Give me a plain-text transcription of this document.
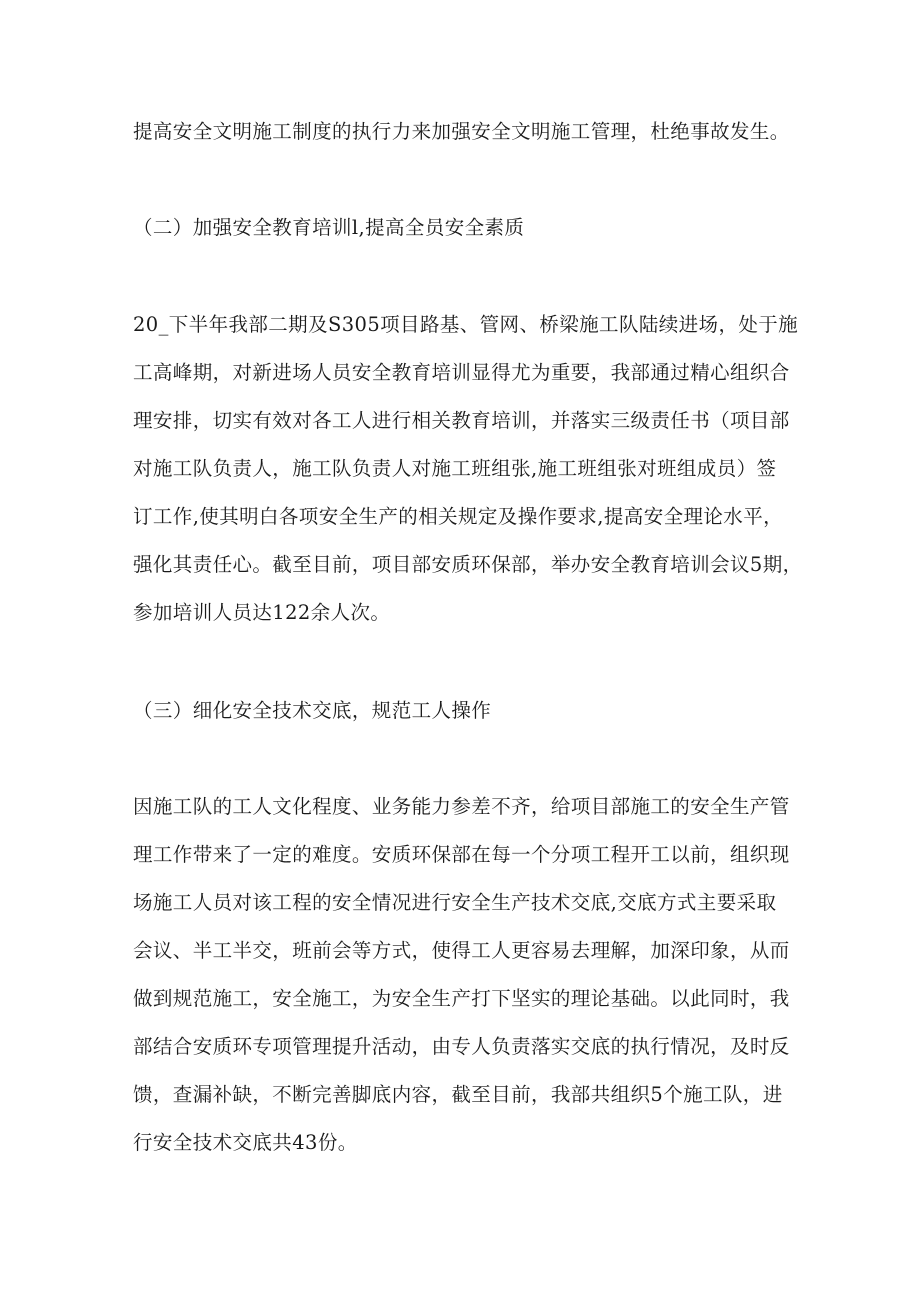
提高安全文明施工制度的执行力来加强安全文明施工管理，杜绝事故发生。
（二）加强安全教育培训l,提高全员安全素质
20_下半年我部二期及S305项目路基、管网、桥梁施工队陆续进场，处于施
工高峰期，对新进场人员安全教育培训显得尤为重要，我部通过精心组织合
理安排，切实有效对各工人进行相关教育培训，并落实三级责任书（项目部
对施工队负责人，施工队负责人对施工班组张,施工班组张对班组成员）签
订工作,使其明白各项安全生产的相关规定及操作要求,提高安全理论水平，
强化其责任心。截至目前，项目部安质环保部，举办安全教育培训会议5期，
参加培训人员达122余人次。
（三）细化安全技术交底，规范工人操作
因施工队的工人文化程度、业务能力参差不齐，给项目部施工的安全生产管
理工作带来了一定的难度。安质环保部在每一个分项工程开工以前，组织现
场施工人员对该工程的安全情况进行安全生产技术交底,交底方式主要采取
会议、半工半交，班前会等方式，使得工人更容易去理解，加深印象，从而
做到规范施工，安全施工，为安全生产打下坚实的理论基础。以此同时，我
部结合安质环专项管理提升活动，由专人负责落实交底的执行情况，及时反
馈，查漏补缺，不断完善脚底内容，截至目前，我部共组织5个施工队，进
行安全技术交底共43份。
